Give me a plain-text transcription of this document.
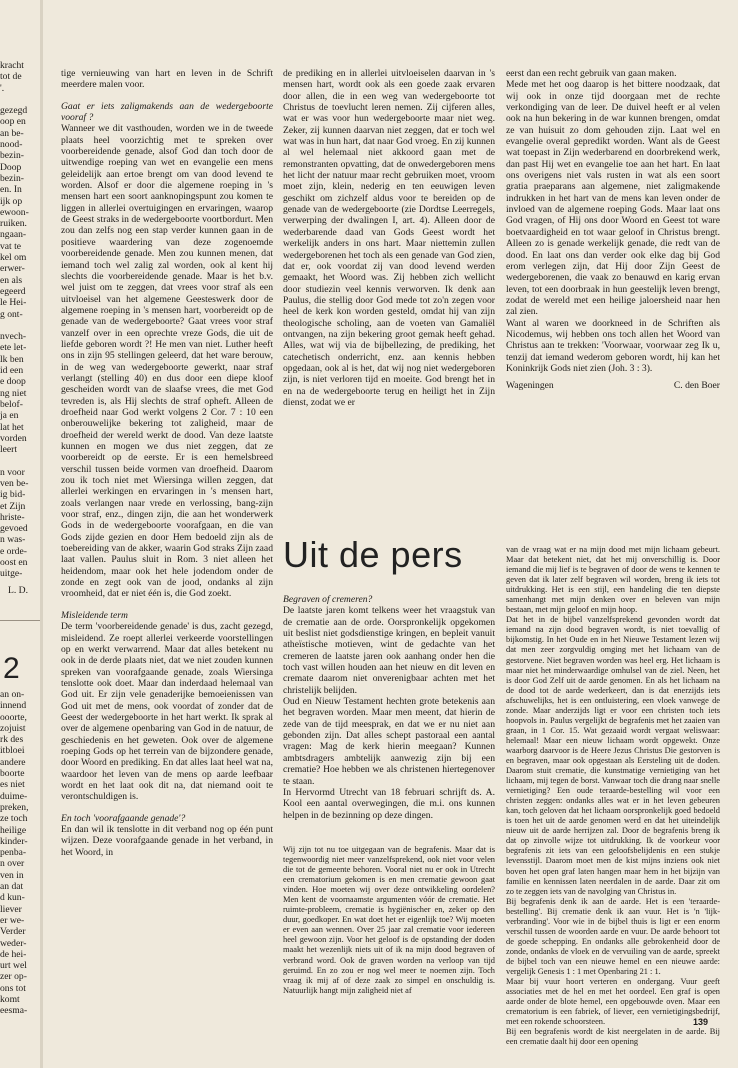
kracht
tot de
'.
gezegd
oop en
an be-
nood-
bezin-
Doop
bezin-
en. In
ijk op
ewoon-
ruiken.
ngaan-
vat te
kel om
erwer-
en als
egeerd
le Hei-
g ont-
nvech-
ete let-
lk ben
id een
e doop
ng niet
belof-
ja en
lat het
vorden
leert
n voor
ven be-
ig bid-
et Zijn
hriste-
gevoed
n was-
e orde-
oost en
uitge-
L. D.
2
an on-
innend
ooorte,
zojuist
rk des
itbloei
andere
boorte
es niet
duime-
preken,
ze toch
heilige
kinder-
penba-
n over
ven in
an dat
d kun-
liever
er we-
Verder
weder-
de hei-
urt wel
zer op-
ons tot
komt
eesma-

tige vernieuwing van hart en leven in de Schrift meerdere malen voor.

Gaat er iets zaligmakends aan de wedergeboorte vooraf ?

Wanneer we dit vasthouden, worden we in de tweede plaats heel voorzichtig met te spreken over voorbereidende genade, alsof God dan toch door de uitwendige roeping van wet en evangelie een mens geleidelijk aan ertoe brengt om van dood levend te worden. Alsof er door die algemene roeping in 's mensen hart een soort aanknopingspunt zou komen te liggen in allerlei overtuigingen en ervaringen, waarop de Geest straks in de wedergeboorte voortbordurt. Men zou dan zelfs nog een stap verder kunnen gaan in de positieve waardering van deze zogenoemde voorbereidende genade. Men zou kunnen menen, dat iemand toch wel zalig zal worden, ook al kent hij slechts die voorbereidende genade. Maar is het b.v. wel juist om te zeggen, dat vrees voor straf als een uitvloeisel van het algemene Geesteswerk door de algemene roeping in 's mensen hart, voorbereidt op de genade van de wedergeboorte? Gaat vrees voor straf vanzelf over in een oprechte vreze Gods, die uit de liefde geboren wordt ?! He men van niet. Luther heeft ons in zijn 95 stellingen geleerd, dat het ware berouw, in de weg van wedergeboorte gewerkt, naar straf verlangt (stelling 40) en dus door een diepe kloof gescheiden wordt van de slaafse vrees, die met God tevreden is, als Hij slechts de straf opheft. Alleen de droefheid naar God werkt volgens 2 Cor. 7 : 10 een onberouwelijke bekering tot zaligheid, maar de droefheid der wereld werkt de dood. Van deze laatste kunnen en mogen we dus niet zeggen, dat ze voorbereidt op de eerste. Er is een hemelsbreed verschil tussen beide vormen van droefheid. Daarom zou ik toch niet met Wiersinga willen zeggen, dat allerlei werkingen en ervaringen in 's mensen hart, zoals verlangen naar vrede en verlossing, bang-zijn voor straf, enz., dingen zijn, die aan het wonderwerk Gods in de wedergeboorte voorafgaan, en die van Gods zijde gezien en door Hem bedoeld zijn als de toebereiding van de akker, waarin God straks Zijn zaad laat vallen. Paulus sluit in Rom. 3 niet alleen het heidendom, maar ook het hele jodendom onder de zonde en zegt ook van de jood, ondanks al zijn vroomheid, dat er niet één is, die God zoekt.

Misleidende term

De term 'voorbereidende genade' is dus, zacht gezegd, misleidend. Ze roept allerlei verkeerde voorstellingen op en werkt verwarrend. Maar dat alles betekent nu ook in de derde plaats niet, dat we niet zouden kunnen spreken van voorafgaande genade, zoals Wiersinga tenslotte ook doet. Maar dan inderdaad helemaal van God uit. Er zijn vele genaderijke bemoeienissen van God uit met de mens, ook voordat of zonder dat de Geest der wedergeboorte in het hart werkt. Ik sprak al over de algemene openbaring van God in de natuur, de geschiedenis en het geweten. Ook over de algemene roeping Gods op het terrein van de bijzondere genade, door Woord en prediking. En dat alles laat heel wat na, waardoor het leven van de mens op aarde leefbaar wordt en het laat ook dit na, dat niemand ooit te verontschuldigen is.

En toch 'voorafgaande genade'?

En dan wil ik tenslotte in dit verband nog op één punt wijzen. Deze voorafgaande genade in het verband, in het Woord, in

de prediking en in allerlei uitvloeiselen daarvan in 's mensen hart, wordt ook als een goede zaak ervaren door allen, die in een weg van wedergeboorte tot Christus de toevlucht leren nemen. Zij cijferen alles, wat er was voor hun wedergeboorte maar niet weg. Zeker, zij kunnen daarvan niet zeggen, dat er toch wel wat was in hun hart, dat naar God vroeg. En zij kunnen al wel helemaal niet akkoord gaan met de remonstranten opvatting, dat de onwedergeboren mens het licht der natuur maar recht gebruiken moet, vroom moet zijn, klein, nederig en ten eeuwigen leven geschikt om zichzelf aldus voor te bereiden op de genade van de wedergeboorte (zie Dordtse Leerregels, verwerping der dwalingen I, art. 4). Alleen door de wederbarende daad van Gods Geest wordt het werkelijk anders in ons hart. Maar niettemin zullen wedergeborenen het toch als een genade van God zien, dat er, ook voordat zij van dood levend werden gemaakt, het Woord was. Zij hebben zich wellicht door studiezin veel kennis verworven. Ik denk aan Paulus, die stellig door God mede tot zo'n zegen voor heel de kerk kon worden gesteld, omdat hij van zijn theologische scholing, aan de voeten van Gamaliël ontvangen, na zijn bekering groot gemak heeft gehad. Alles, wat wij via de bijbellezing, de prediking, het catechetisch onderricht, enz. aan kennis hebben opgedaan, ook al is het, dat wij nog niet wedergeboren zijn, is niet verloren tijd en moeite. God brengt het in en na de wedergeboorte terug en heiligt het in Zijn dienst, zodat we er

Uit de pers

Begraven of cremeren?

De laatste jaren komt telkens weer het vraagstuk van de crematie aan de orde. Oorspronkelijk opgekomen uit beslist niet godsdienstige kringen, en bepleit vanuit atheïstische motieven, wint de gedachte van het cremeren de laatste jaren ook aanhang onder hen die toch vast willen houden aan het nieuw en dit leven en cremate daarom niet onverenigbaar achten met het christelijk belijden.

Oud en Nieuw Testament hechten grote betekenis aan het begraven worden. Maar men meent, dat hierin de zede van de tijd meesprak, en dat we er nu niet aan gebonden zijn. Dat alles schept pastoraal een aantal vragen: Mag de kerk hierin meegaan? Kunnen ambtsdragers ambtelijk aanwezig zijn bij een crematie? Hoe hebben we als christenen hiertegenover te staan.

In Hervormd Utrecht van 18 februari schrijft ds. A. Kool een aantal overwegingen, die m.i. ons kunnen helpen in de bezinning op deze dingen.

Wij zijn tot nu toe uitgegaan van de begrafenis. Maar dat is tegenwoordig niet meer vanzelfsprekend, ook niet voor velen die tot de gemeente behoren. Vooral niet nu er ook in Utrecht een crematorium gekomen is en men crematie gewoon gaat vinden. Hoe moeten wij over deze ontwikkeling oordelen? Men kent de voornaamste argumenten vóór de crematie. Het ruimte-probleem, crematie is hygiënischer en, zeker op den duur, goedkoper. En wat doet het er eigenlijk toe? Wij moeten er even aan wennen. Over 25 jaar zal crematie voor iedereen heel gewoon zijn. Voor het geloof is de opstanding der doden maakt het wezenlijk niets uit of ik na mijn dood begraven of verbrand word. Ook de graven worden na verloop van tijd geruimd. En zo zou er nog wel meer te noemen zijn. Toch vraag ik mij af of deze zaak zo simpel en onschuldig is. Natuurlijk hangt mijn zaligheid niet af

eerst dan een recht gebruik van gaan maken.

Mede met het oog daarop is het bittere noodzaak, dat wij ook in onze tijd doorgaan met de rechte verkondiging van de leer. De duivel heeft er al velen ook na hun bekering in de war kunnen brengen, omdat ze van huisuit zo dom gehouden zijn. Laat wel en evangelie overal gepredikt worden. Want als de Geest wat toepast in Zijn wederbarend en doorbrekend werk, dan past Hij wet en evangelie toe aan het hart. En laat ons overigens niet vals rusten in wat als een soort gratia praeparans aan algemene, niet zaligmakende indrukken in het hart van de mens kan leven onder de invloed van de algemene roeping Gods. Maar laat ons God vragen, of Hij ons door Woord en Geest tot ware boetvaardigheid en tot waar geloof in Christus brengt. Alleen zo is genade werkelijk genade, die redt van de dood. En laat ons dan verder ook elke dag bij God erom verlegen zijn, dat Hij door Zijn Geest de wedergeborenen, die vaak zo benauwd en karig ervan leven, tot een doorbraak in hun geestelijk leven brengt, zodat de wereld met een heilige jaloersheid naar hen zal zien.

Want al waren we doorkneed in de Schriften als Nicodemus, wij hebben ons toch allen het Woord van Christus aan te trekken: 'Voorwaar, voorwaar zeg Ik u, tenzij dat iemand wederom geboren wordt, hij kan het Koninkrijk Gods niet zien (Joh. 3 : 3).

Wageningen	C. den Boer

van de vraag wat er na mijn dood met mijn lichaam gebeurt. Maar dat betekent niet, dat het mij onverschillig is. Door iemand die mij lief is te begraven of door de wens te kennen te geven dat ik later zelf begraven wil worden, breng ik iets tot uitdrukking. Het is een stijl, een handeling die ten diepste samenhangt met mijn denken over en beleven van mijn bestaan, met mijn geloof en mijn hoop.

Dat het in de bijbel vanzelfsprekend gevonden wordt dat iemand na zijn dood begraven wordt, is niet toevallig of bijkomstig. In het Oude en in het Nieuwe Testament lezen wij dat men zeer zorgvuldig omging met het lichaam van de gestorvene. Niet begraven worden was heel erg. Het lichaam is maar niet het minderwaardige omhulsel van de ziel. Neen, het is door God Zelf uit de aarde genomen. En als het lichaam na de dood tot de aarde wederkeert, dan is dat enerzijds iets afschuwelijks, het is een ontluistering, een vloek vanwege de zonde. Maar anderzijds ligt er voor een christen toch iets hoopvols in. Paulus vergelijkt de begrafenis met het zaaien van graan, in 1 Cor. 15. Wat gezaaid wordt vergaat weliswaar: helemaal! Maar een nieuw lichaam wordt opgewekt. Onze waarborg daarvoor is de Heere Jezus Christus Die gestorven is en begraven, maar ook opgestaan als Eersteling uit de doden. Daarom stuit crematie, die kunstmatige vernietiging van het lichaam, mij tegen de borst. Vanwaar toch die drang naar snelle vernietiging? Een oude teraarde-bestelling wil voor een christen zeggen: ondanks alles wat er in het leven gebeuren kan, toch geloven dat het lichaam oorspronkelijk goed bedoeld is toen het uit de aarde genomen werd en dat het uiteindelijk nieuw uit de aarde herrijzen zal. Door de begrafenis breng ik dat op zinvolle wijze tot uitdrukking. Ik de voorkeur voor begrafenis zit iets van een geloofsbelijdenis en een stukje levensstijl. Daarom moet men de kist mijns inziens ook niet boven het open graf laten hangen maar hem in het bijzijn van familie en kennissen laten neerdalen in de aarde. Daar zit om zo te zeggen iets van de navolging van Christus in.

Bij begrafenis denk ik aan de aarde. Het is een 'teraarde-bestelling'. Bij crematie denk ik aan vuur. Het is 'n 'lijk-verbranding'. Voor wie in de bijbel thuis is ligt er een enorm verschil tussen de woorden aarde en vuur. De aarde behoort tot de goede schepping. En ondanks alle gebrokenheid door de zonde, ondanks de vloek en de vervuiling van de aarde, spreekt de bijbel toch van een nieuwe hemel en een nieuwe aarde: vergelijk Genesis 1 : 1 met Openbaring 21 : 1.

Maar bij vuur hoort verteren en ondergang. Vuur geeft associaties met de hel en met het oordeel. Een graf is open aarde onder de blote hemel, een opgebouwde oven. Maar een crematorium is een fabriek, of liever, een vernietigingsbedrijf, met een rokende schoorsteen.

Bij een begrafenis wordt de kist neergelaten in de aarde. Bij een crematie daalt hij door een opening

139
